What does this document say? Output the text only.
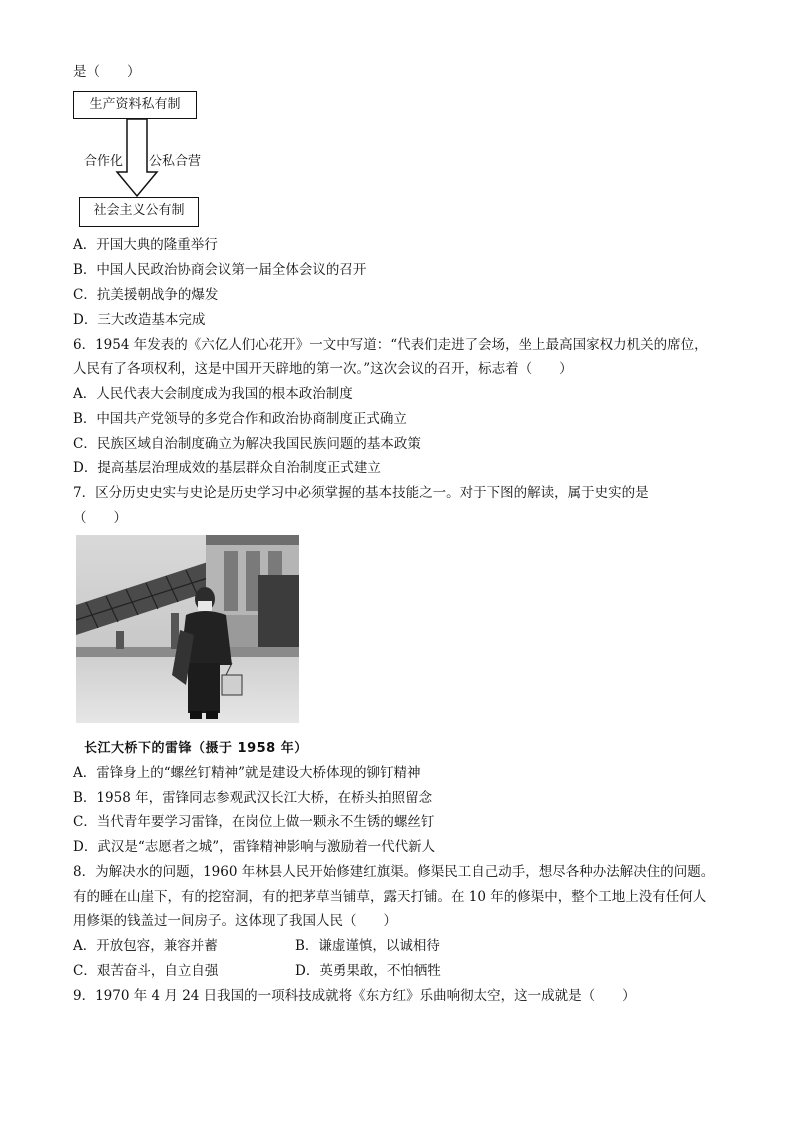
是（　　）
生产资料私有制
合作化 公私合营
社会主义公有制
A．开国大典的隆重举行
B．中国人民政治协商会议第一届全体会议的召开
C．抗美援朝战争的爆发
D．三大改造基本完成
6．1954 年发表的《六亿人们心花开》一文中写道：“代表们走进了会场，坐上最高国家权力机关的席位，
人民有了各项权利，这是中国开天辟地的第一次。”这次会议的召开，标志着（　　）
A．人民代表大会制度成为我国的根本政治制度
B．中国共产党领导的多党合作和政治协商制度正式确立
C．民族区域自治制度确立为解决我国民族问题的基本政策
D．提高基层治理成效的基层群众自治制度正式建立
7．区分历史史实与史论是历史学习中必须掌握的基本技能之一。对于下图的解读，属于史实的是
（　　）
长江大桥下的雷锋（摄于 1958 年）
A．雷锋身上的“螺丝钉精神”就是建设大桥体现的铆钉精神
B．1958 年，雷锋同志参观武汉长江大桥，在桥头拍照留念
C．当代青年要学习雷锋，在岗位上做一颗永不生锈的螺丝钉
D．武汉是“志愿者之城”，雷锋精神影响与激励着一代代新人
8．为解决水的问题，1960 年林县人民开始修建红旗渠。修渠民工自己动手，想尽各种办法解决住的问题。
有的睡在山崖下，有的挖窑洞，有的把茅草当铺草，露天打铺。在 10 年的修渠中，整个工地上没有任何人
用修渠的钱盖过一间房子。这体现了我国人民（　　）
A．开放包容，兼容并蓄	B．谦虚谨慎，以诚相待
C．艰苦奋斗，自立自强	D．英勇果敢，不怕牺牲
9．1970 年 4 月 24 日我国的一项科技成就将《东方红》乐曲响彻太空，这一成就是（　　）
